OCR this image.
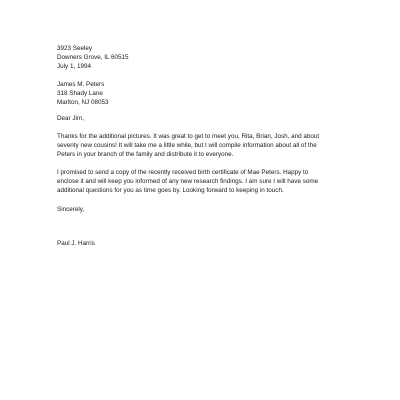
3923 Seeley
Downers Grove, IL 60515
July 1, 1994
James M. Peters
318 Shady Lane
Marlton, NJ 08053
Dear Jim,
Thanks for the additional pictures. It was great to get to meet you, Rita, Brian, Josh, and about
seventy new cousins! It will take me a little while, but I will compile information about all of the
Peters in your branch of the family and distribute it to everyone.
I promised to send a copy of the recently received birth certificate of Mae Peters. Happy to
enclose it and will keep you informed of any new research findings. I am sure I will have some
additional questions for you as time goes by. Looking forward to keeping in touch.
Sincerely,
Paul J. Harris
